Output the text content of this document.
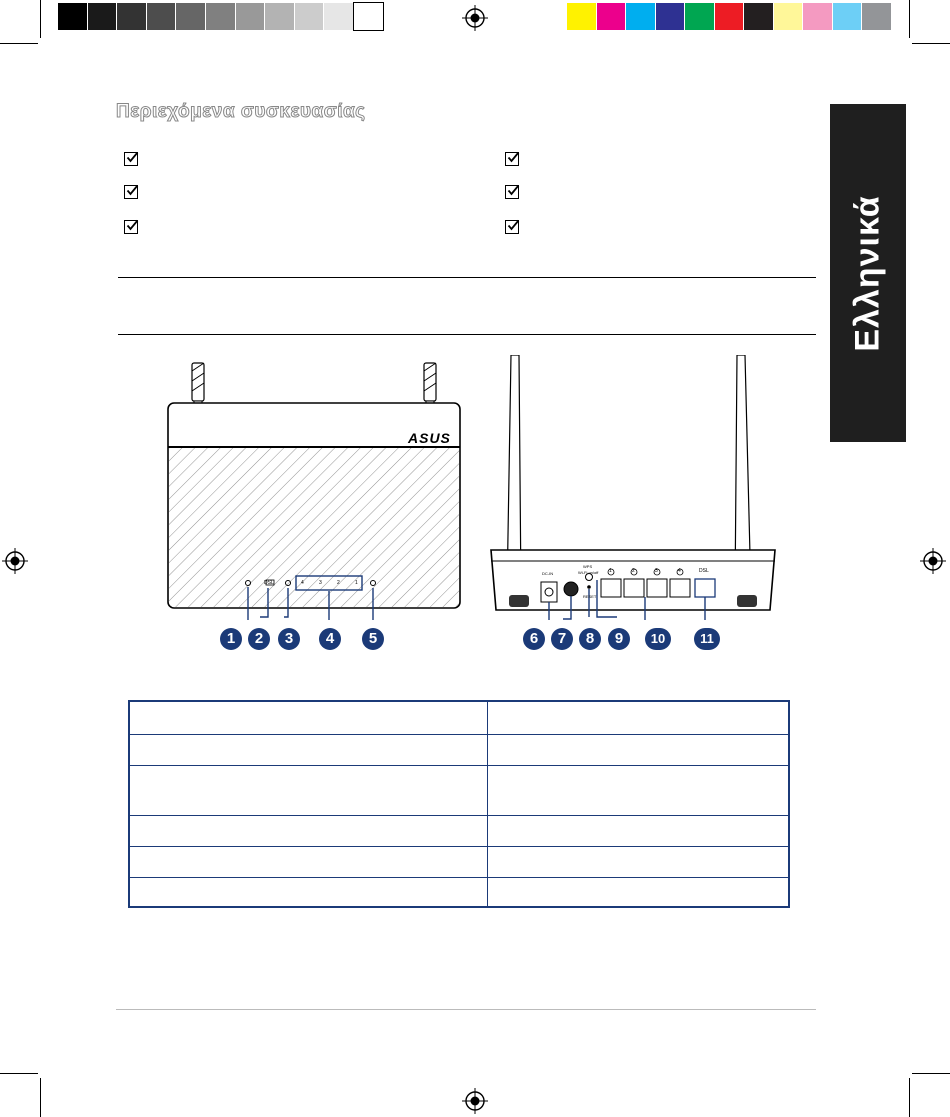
Περιεχόμενα συσκευασίας
Ελληνικά
ASUS
DSL	4	3	2	1
DC-IN	DSL
WPS
RESET
Wi-Fi on/off 1	2	3	4
1	2	3	4	5	6	7	8	9	10	11
